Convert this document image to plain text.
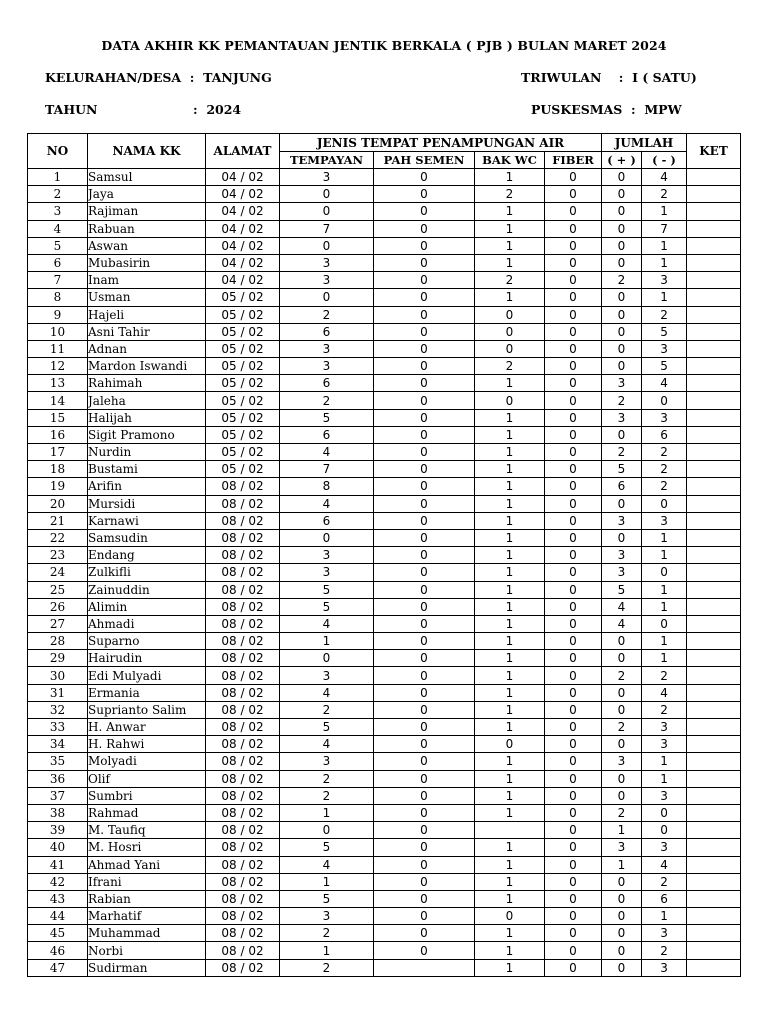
DATA AKHIR KK PEMANTAUAN JENTIK BERKALA ( PJB ) BULAN MARET 2024
KELURAHAN/DESA  :  TANJUNG	TRIWULAN    :  I ( SATU)
TAHUN	:  2024	PUSKESMAS  :  MPW
NO	NAMA KK	ALAMAT	JENIS TEMPAT PENAMPUNGAN AIR				JUMLAH		KET
			TEMPAYAN	PAH SEMEN	BAK WC	FIBER	( + )	( - )	
1	Samsul	04 / 02	3	0	1	0	0	4	
2	Jaya	04 / 02	0	0	2	0	0	2	
3	Rajiman	04 / 02	0	0	1	0	0	1	
4	Rabuan	04 / 02	7	0	1	0	0	7	
5	Aswan	04 / 02	0	0	1	0	0	1	
6	Mubasirin	04 / 02	3	0	1	0	0	1	
7	Inam	04 / 02	3	0	2	0	2	3	
8	Usman	05 / 02	0	0	1	0	0	1	
9	Hajeli	05 / 02	2	0	0	0	0	2	
10	Asni Tahir	05 / 02	6	0	0	0	0	5	
11	Adnan	05 / 02	3	0	0	0	0	3	
12	Mardon Iswandi	05 / 02	3	0	2	0	0	5	
13	Rahimah	05 / 02	6	0	1	0	3	4	
14	Jaleha	05 / 02	2	0	0	0	2	0	
15	Halijah	05 / 02	5	0	1	0	3	3	
16	Sigit Pramono	05 / 02	6	0	1	0	0	6	
17	Nurdin	05 / 02	4	0	1	0	2	2	
18	Bustami	05 / 02	7	0	1	0	5	2	
19	Arifin	08 / 02	8	0	1	0	6	2	
20	Mursidi	08 / 02	4	0	1	0	0	0	
21	Karnawi	08 / 02	6	0	1	0	3	3	
22	Samsudin	08 / 02	0	0	1	0	0	1	
23	Endang	08 / 02	3	0	1	0	3	1	
24	Zulkifli	08 / 02	3	0	1	0	3	0	
25	Zainuddin	08 / 02	5	0	1	0	5	1	
26	Alimin	08 / 02	5	0	1	0	4	1	
27	Ahmadi	08 / 02	4	0	1	0	4	0	
28	Suparno	08 / 02	1	0	1	0	0	1	
29	Hairudin	08 / 02	0	0	1	0	0	1	
30	Edi Mulyadi	08 / 02	3	0	1	0	2	2	
31	Ermania	08 / 02	4	0	1	0	0	4	
32	Suprianto Salim	08 / 02	2	0	1	0	0	2	
33	H. Anwar	08 / 02	5	0	1	0	2	3	
34	H. Rahwi	08 / 02	4	0	0	0	0	3	
35	Molyadi	08 / 02	3	0	1	0	3	1	
36	Olif	08 / 02	2	0	1	0	0	1	
37	Sumbri	08 / 02	2	0	1	0	0	3	
38	Rahmad	08 / 02	1	0	1	0	2	0	
39	M. Taufiq	08 / 02	0	0		0	1	0	
40	M. Hosri	08 / 02	5	0	1	0	3	3	
41	Ahmad Yani	08 / 02	4	0	1	0	1	4	
42	Ifrani	08 / 02	1	0	1	0	0	2	
43	Rabian	08 / 02	5	0	1	0	0	6	
44	Marhatif	08 / 02	3	0	0	0	0	1	
45	Muhammad	08 / 02	2	0	1	0	0	3	
46	Norbi	08 / 02	1	0	1	0	0	2	
47	Sudirman	08 / 02	2		1	0	0	3	
